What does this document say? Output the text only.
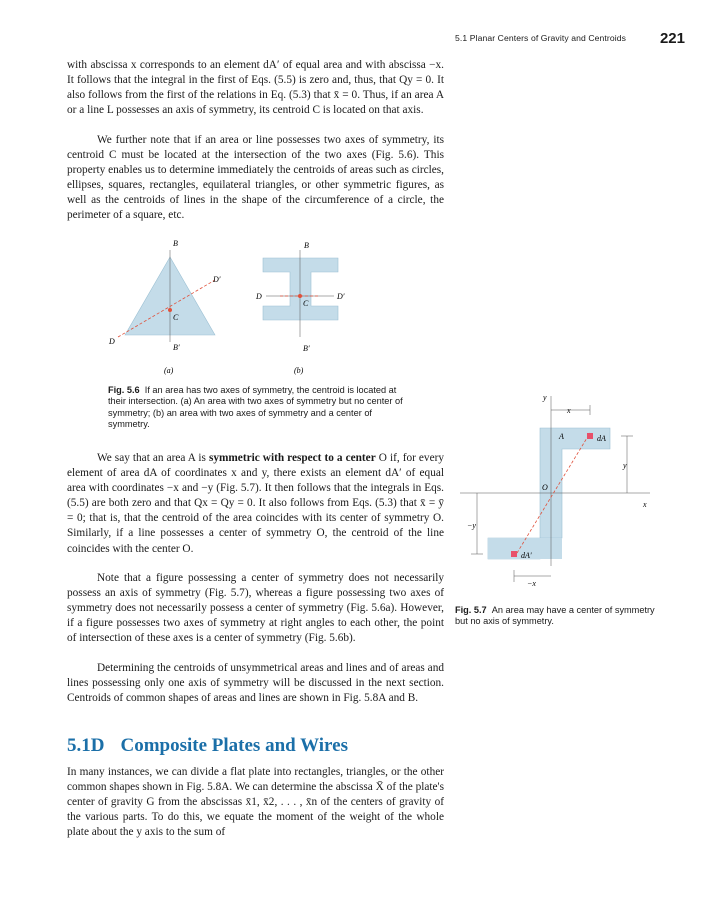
5.1 Planar Centers of Gravity and Centroids 221

with abscissa x corresponds to an element dA′ of equal area and with abscissa −x. It follows that the integral in the first of Eqs. (5.5) is zero and, thus, that Qy = 0. It also follows from the first of the relations in Eq. (5.3) that x̄ = 0. Thus, if an area A or a line L possesses an axis of symmetry, its centroid C is located on that axis.

We further note that if an area or line possesses two axes of symmetry, its centroid C must be located at the intersection of the two axes (Fig. 5.6). This property enables us to determine immediately the centroids of areas such as circles, ellipses, squares, rectangles, equilateral triangles, or other symmetric figures, as well as the centroids of lines in the shape of the circumference of a circle, the perimeter of a square, etc.

B
D′
C
D
B′
(a)
B
D	D′
C
B′
(b)

Fig. 5.6 If an area has two axes of symmetry, the centroid is located at their intersection. (a) An area with two axes of symmetry but no center of symmetry; (b) an area with two axes of symmetry and a center of symmetry.

We say that an area A is symmetric with respect to a center O if, for every element of area dA of coordinates x and y, there exists an element dA′ of equal area with coordinates −x and −y (Fig. 5.7). It then follows that the integrals in Eqs. (5.5) are both zero and that Qx = Qy = 0. It also follows from Eqs. (5.3) that x̄ = ȳ = 0; that is, that the centroid of the area coincides with its center of symmetry O. Similarly, if a line possesses a center of symmetry O, the centroid of the line coincides with the center O.

Note that a figure possessing a center of symmetry does not necessarily possess an axis of symmetry (Fig. 5.7), whereas a figure possessing two axes of symmetry does not necessarily possess a center of symmetry (Fig. 5.6a). However, if a figure possesses two axes of symmetry at right angles to each other, the point of intersection of these axes is a center of symmetry (Fig. 5.6b).

Determining the centroids of unsymmetrical areas and lines and of areas and lines possessing only one axis of symmetry will be discussed in the next section. Centroids of common shapes of areas and lines are shown in Fig. 5.8A and B.

x
y
−y
−x
y
x
A	dA
O
dA′

Fig. 5.7 An area may have a center of symmetry but no axis of symmetry.

5.1D Composite Plates and Wires

In many instances, we can divide a flat plate into rectangles, triangles, or the other common shapes shown in Fig. 5.8A. We can determine the abscissa X̄ of the plate's center of gravity G from the abscissas x̄1, x̄2, . . . , x̄n of the centers of gravity of the various parts. To do this, we equate the moment of the weight of the whole plate about the y axis to the sum of
